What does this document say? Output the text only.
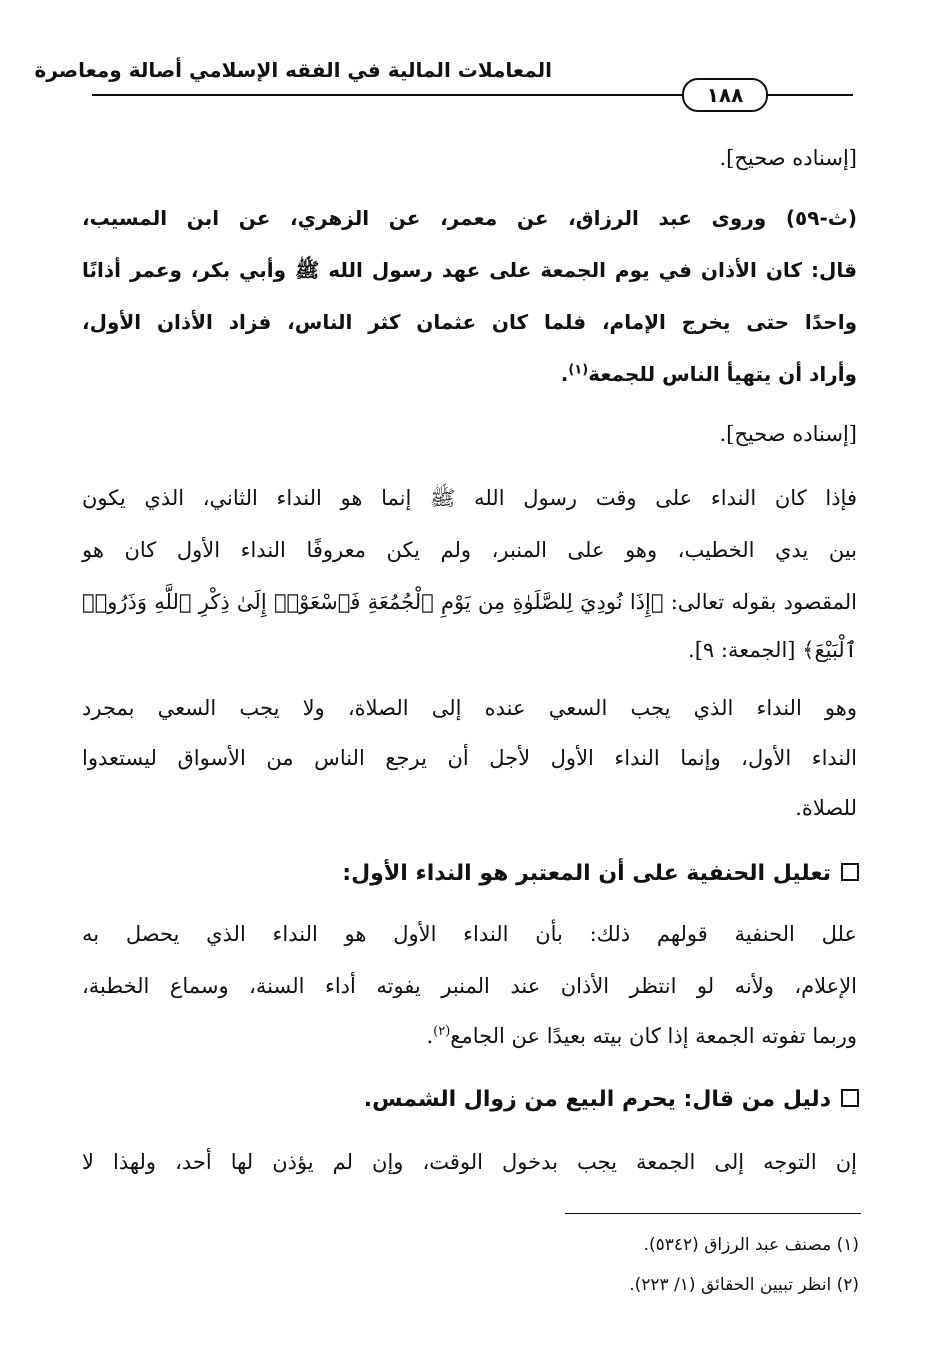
المعاملات المالية في الفقه الإسلامي أصالة ومعاصرة
١٨٨
[إسناده صحيح].
(ث-٥٩) وروى عبد الرزاق، عن معمر، عن الزهري، عن ابن المسيب،
قال: كان الأذان في يوم الجمعة على عهد رسول الله ﷺ وأبي بكر، وعمر أذانًا
واحدًا حتى يخرج الإمام، فلما كان عثمان كثر الناس، فزاد الأذان الأول،
وأراد أن يتهيأ الناس للجمعة$^{(١)}$.
[إسناده صحيح].
فإذا كان النداء على وقت رسول الله ﷺ إنما هو النداء الثاني، الذي يكون
بين يدي الخطيب، وهو على المنبر، ولم يكن معروفًا النداء الأول كان هو
المقصود بقوله تعالى: ﴿إِذَا نُودِيَ لِلصَّلَوٰةِ مِن يَوْمِ ٱلْجُمُعَةِ فَٱسْعَوْا۟ إِلَىٰ ذِكْرِ ٱللَّهِ وَذَرُوا۟
ٱلْبَيْعَ﴾ [الجمعة: ٩].
وهو النداء الذي يجب السعي عنده إلى الصلاة، ولا يجب السعي بمجرد
النداء الأول، وإنما النداء الأول لأجل أن يرجع الناس من الأسواق ليستعدوا
للصلاة.
تعليل الحنفية على أن المعتبر هو النداء الأول:
علل الحنفية قولهم ذلك: بأن النداء الأول هو النداء الذي يحصل به
الإعلام، ولأنه لو انتظر الأذان عند المنبر يفوته أداء السنة، وسماع الخطبة،
وربما تفوته الجمعة إذا كان بيته بعيدًا عن الجامع$^{(٢)}$.
دليل من قال: يحرم البيع من زوال الشمس.
إن التوجه إلى الجمعة يجب بدخول الوقت، وإن لم يؤذن لها أحد، ولهذا لا
(١) مصنف عبد الرزاق (٥٣٤٢).
(٢) انظر تبيين الحقائق (١/ ٢٢٣).
